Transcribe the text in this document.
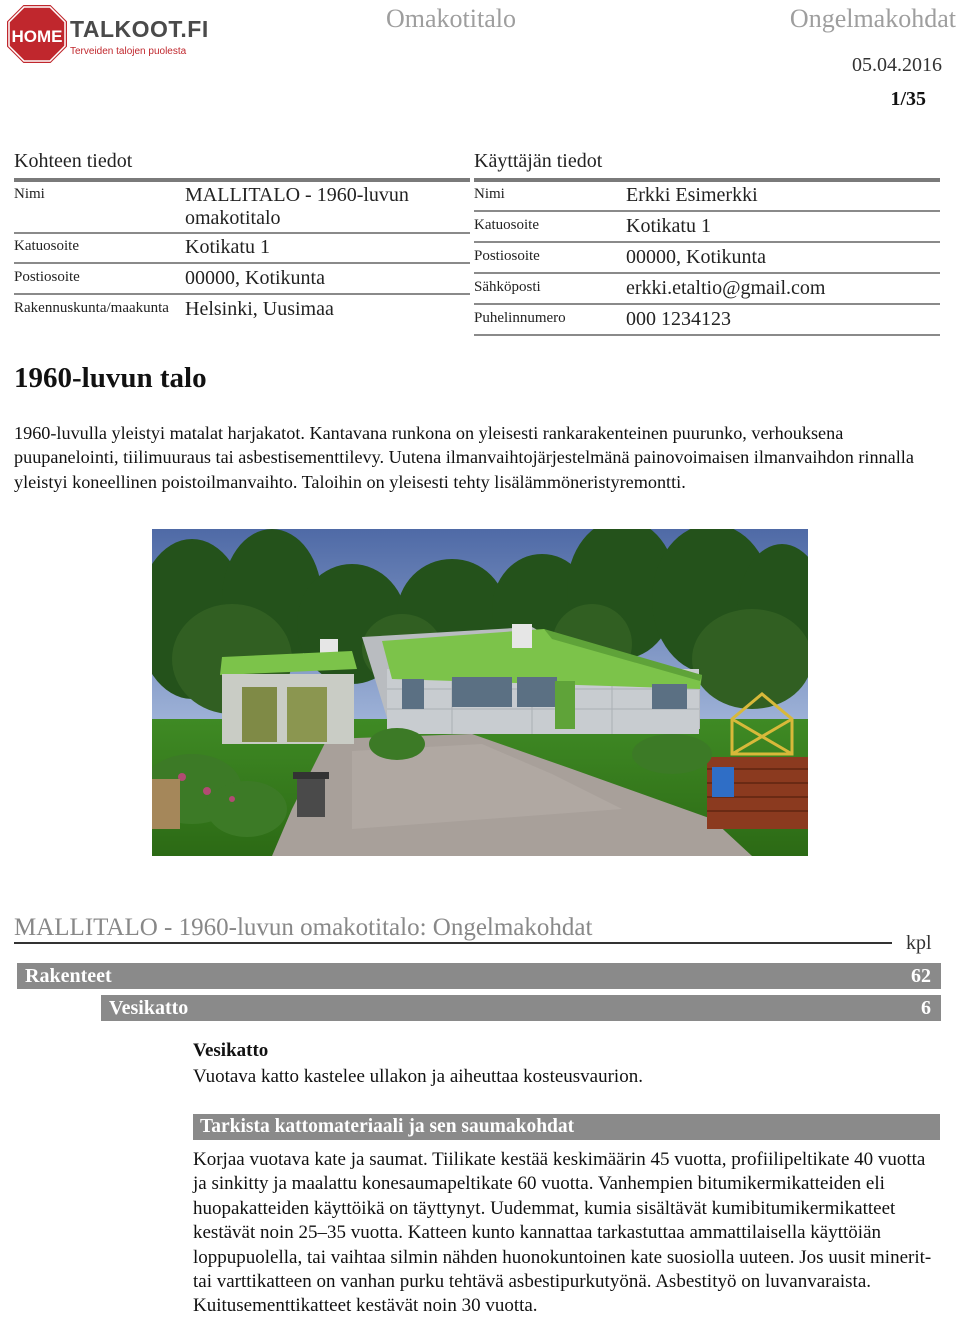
HOME TALKOOT.FI
Terveiden talojen puolesta
Omakotitalo	Ongelmakohdat
05.04.2016
1/35
Kohteen tiedot
Nimi	MALLITALO - 1960-luvun omakotitalo
Katuosoite	Kotikatu 1
Postiosoite	00000, Kotikunta
Rakennuskunta/maakunta Helsinki, Uusimaa
Käyttäjän tiedot
Nimi	Erkki Esimerkki
Katuosoite	Kotikatu 1
Postiosoite	00000, Kotikunta
Sähköposti	erkki.etaltio@gmail.com
Puhelinnumero	000 1234123
1960-luvun talo
1960-luvulla yleistyi matalat harjakatot. Kantavana runkona on yleisesti rankarakenteinen puurunko, verhouksena puupanelointi, tiilimuuraus tai asbestisementtilevy. Uutena ilmanvaihtojärjestelmänä painovoimaisen ilmanvaihdon rinnalla yleistyi koneellinen poistoilmanvaihto. Taloihin on yleisesti tehty lisälämmöneristyremontti.
MALLITALO - 1960-luvun omakotitalo: Ongelmakohdat
kpl
Rakenteet	62
Vesikatto	6
Vesikatto
Vuotava katto kastelee ullakon ja aiheuttaa kosteusvaurion.
Tarkista kattomateriaali ja sen saumakohdat
Korjaa vuotava kate ja saumat. Tiilikate kestää keskimäärin 45 vuotta, profiilipeltikate 40 vuotta ja sinkitty ja maalattu konesaumapeltikate 60 vuotta. Vanhempien bitumikermikatteiden eli huopakatteiden käyttöikä on täyttynyt. Uudemmat, kumia sisältävät kumibitumikermikatteet kestävät noin 25–35 vuotta. Katteen kunto kannattaa tarkastuttaa ammattilaisella käyttöiän loppupuolella, tai vaihtaa silmin nähden huonokuntoinen kate suosiolla uuteen. Jos uusit minerit- tai varttikatteen on vanhan purku tehtävä asbestipurkutyönä. Asbestityö on luvanvaraista. Kuitusementtikatteet kestävät noin 30 vuotta.
